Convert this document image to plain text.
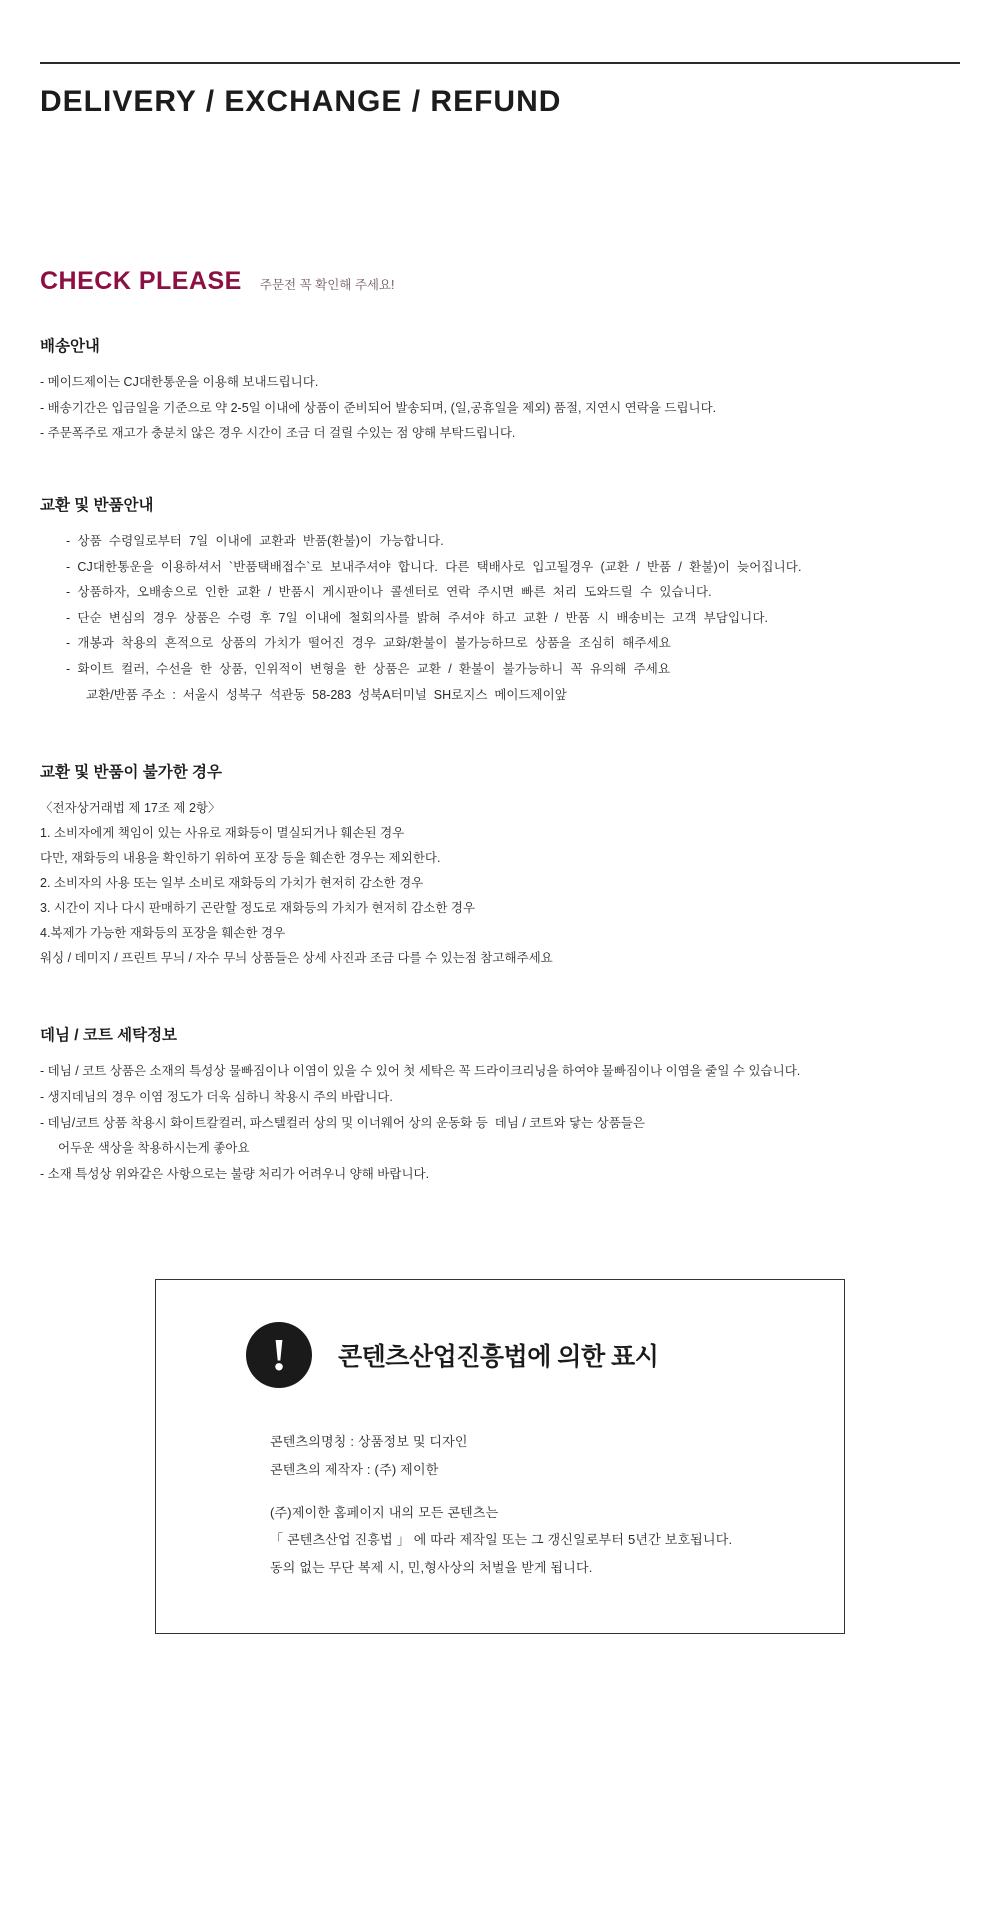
DELIVERY / EXCHANGE / REFUND
CHECK PLEASE 주문전 꼭 확인해 주세요!
배송안내
- 메이드제이는 CJ대한통운을 이용해 보내드립니다.
- 배송기간은 입금일을 기준으로 약 2-5일 이내에 상품이 준비되어 발송되며, (일,공휴일을 제외) 품절, 지연시 연락을 드립니다.
- 주문폭주로 재고가 충분치 않은 경우 시간이 조금 더 걸릴 수있는 점 양해 부탁드립니다.
교환 및 반품안내
-  상품  수령일로부터  7일  이내에  교환과  반품(환불)이  가능합니다.
-  CJ대한통운을  이용하셔서  `반품택배접수`로  보내주셔야  합니다.  다른  택배사로  입고될경우  (교환  /  반품  /  환불)이  늦어집니다.
-  상품하자,  오배송으로  인한  교환  /  반품시  게시판이나  콜센터로  연락  주시면  빠른  처리  도와드릴  수  있습니다.
-  단순  변심의  경우  상품은  수령  후  7일  이내에  철회의사를  밝혀  주셔야  하고  교환  /  반품  시  배송비는  고객  부담입니다.
-  개봉과  착용의  흔적으로  상품의  가치가  떨어진  경우  교화/환불이  불가능하므로  상품을  조심히  해주세요
-  화이트  컬러,  수선을  한  상품,  인위적이  변형을  한  상품은  교환  /  환불이  불가능하니  꼭  유의해  주세요
교환/반품 주소  :  서울시  성북구  석관동  58-283  성북A터미널  SH로지스  메이드제이앞
교환 및 반품이 불가한 경우
〈전자상거래법 제 17조 제 2항〉
1. 소비자에게 책임이 있는 사유로 재화등이 멸실되거나 훼손된 경우
다만, 재화등의 내용을 확인하기 위하여 포장 등을 훼손한 경우는 제외한다.
2. 소비자의 사용 또는 일부 소비로 재화등의 가치가 현저히 감소한 경우
3. 시간이 지나 다시 판매하기 곤란할 정도로 재화등의 가치가 현저히 감소한 경우
4.복제가 가능한 재화등의 포장을 훼손한 경우
워싱 / 데미지 / 프린트 무늬 / 자수 무늬 상품들은 상세 사진과 조금 다를 수 있는점 참고해주세요
데님 / 코트 세탁정보
- 데님 / 코트 상품은 소재의 특성상 물빠짐이나 이염이 있을 수 있어 첫 세탁은 꼭 드라이크리닝을 하여야 물빠짐이나 이염을 줄일 수 있습니다.
- 생지데님의 경우 이염 정도가 더욱 심하니 착용시 주의 바랍니다.
- 데님/코트 상품 착용시 화이트칼컬러, 파스텔컬러 상의 및 이너웨어 상의 운동화 등  데님 / 코트와 닿는 상품들은
어두운 색상을 착용하시는게 좋아요
- 소재 특성상 위와같은 사항으로는 불량 처리가 어려우니 양해 바랍니다.
!	콘텐츠산업진흥법에 의한 표시
콘텐츠의명칭 : 상품정보 및 디자인
콘텐츠의 제작자 : (주) 제이한
(주)제이한 홈페이지 내의 모든 콘텐츠는
「 콘텐츠산업 진흥법 」 에 따라 제작일 또는 그 갱신일로부터 5년간 보호됩니다.
동의 없는 무단 복제 시, 민,형사상의 처벌을 받게 됩니다.
